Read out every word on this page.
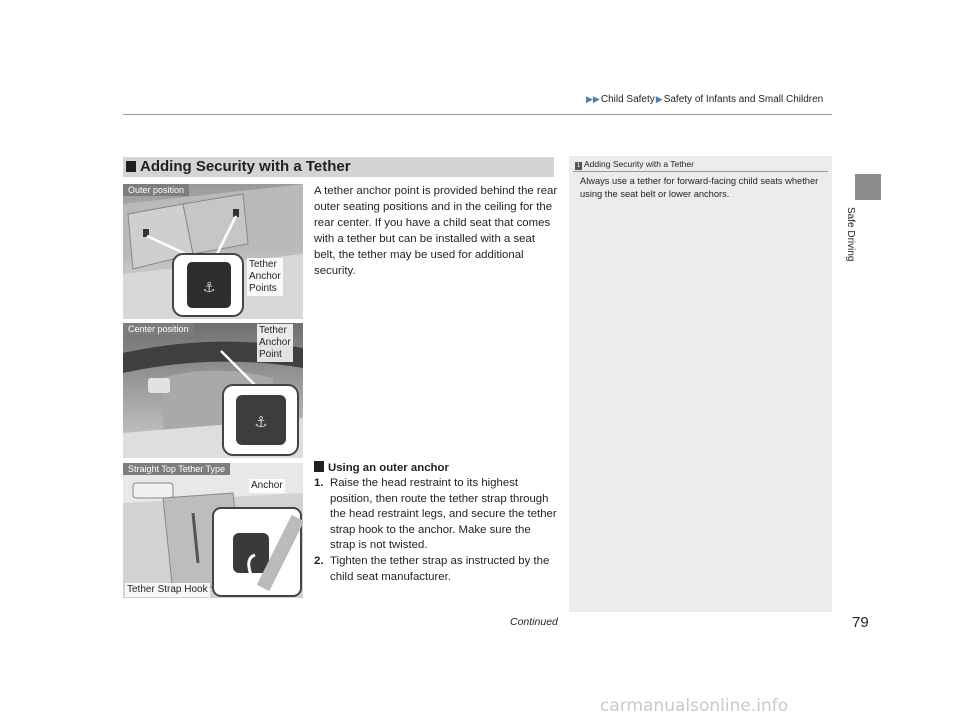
▶▶Child Safety▶Safety of Infants and Small Children
Safe Driving
Adding Security with a Tether
⚓
Outer position
Tether
Anchor
Points
⚓
Center position	Tether
Anchor
Point
Straight Top Tether Type
Anchor
Tether Strap Hook
A tether anchor point is provided behind the rear outer seating positions and in the ceiling for the rear center. If you have a child seat that comes with a tether but can be installed with a seat belt, the tether may be used for additional security.
Using an outer anchor
1. Raise the head restraint to its highest
position, then route the tether strap through the head restraint legs, and secure the tether strap hook to the anchor. Make sure the strap is not twisted.
2. Tighten the tether strap as instructed by the
child seat manufacturer.
1 Adding Security with a Tether
Always use a tether for forward-facing child seats whether using the seat belt or lower anchors.
Continued	79
carmanualsonline.info
